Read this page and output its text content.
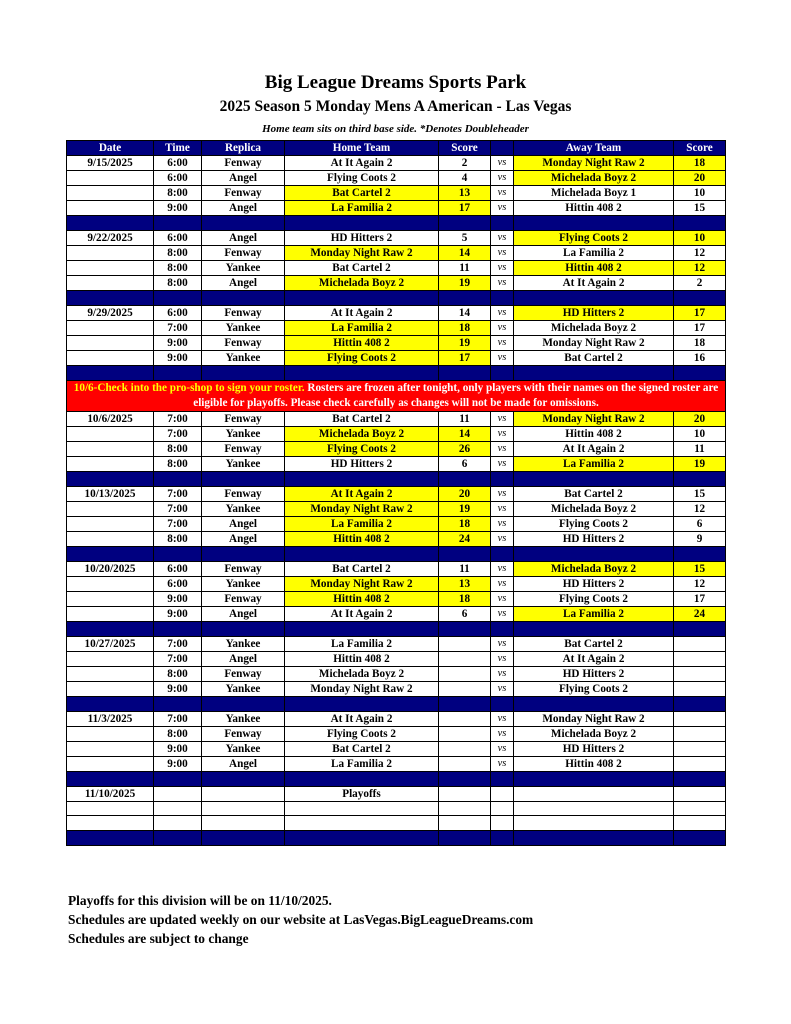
Big League Dreams Sports Park
2025 Season 5 Monday Mens A American - Las Vegas
Home team sits on third base side. *Denotes Doubleheader
Date	Time	Replica	Home Team	Score		Away Team	Score
9/15/2025	6:00	Fenway	At It Again 2	2	vs	Monday Night Raw 2	18
	6:00	Angel	Flying Coots 2	4	vs	Michelada Boyz 2	20
	8:00	Fenway	Bat Cartel 2	13	vs	Michelada Boyz 1	10
	9:00	Angel	La Familia 2	17	vs	Hittin 408 2	15

9/22/2025	6:00	Angel	HD Hitters 2	5	vs	Flying Coots 2	10
	8:00	Fenway	Monday Night Raw 2	14	vs	La Familia 2	12
	8:00	Yankee	Bat Cartel 2	11	vs	Hittin 408 2	12
	8:00	Angel	Michelada Boyz 2	19	vs	At It Again 2	2

9/29/2025	6:00	Fenway	At It Again 2	14	vs	HD Hitters 2	17
	7:00	Yankee	La Familia 2	18	vs	Michelada Boyz 2	17
	9:00	Fenway	Hittin 408 2	19	vs	Monday Night Raw 2	18
	9:00	Yankee	Flying Coots 2	17	vs	Bat Cartel 2	16

10/6-Check into the pro-shop to sign your roster. Rosters are frozen after tonight, only players with their names on the signed roster are eligible for playoffs. Please check carefully as changes will not be made for omissions.							
10/6/2025	7:00	Fenway	Bat Cartel 2	11	vs	Monday Night Raw 2	20
	7:00	Yankee	Michelada Boyz 2	14	vs	Hittin 408 2	10
	8:00	Fenway	Flying Coots 2	26	vs	At It Again 2	11
	8:00	Yankee	HD Hitters 2	6	vs	La Familia 2	19

10/13/2025	7:00	Fenway	At It Again 2	20	vs	Bat Cartel 2	15
	7:00	Yankee	Monday Night Raw 2	19	vs	Michelada Boyz 2	12
	7:00	Angel	La Familia 2	18	vs	Flying Coots 2	6
	8:00	Angel	Hittin 408 2	24	vs	HD Hitters 2	9

10/20/2025	6:00	Fenway	Bat Cartel 2	11	vs	Michelada Boyz 2	15
	6:00	Yankee	Monday Night Raw 2	13	vs	HD Hitters 2	12
	9:00	Fenway	Hittin 408 2	18	vs	Flying Coots 2	17
	9:00	Angel	At It Again 2	6	vs	La Familia 2	24

10/27/2025	7:00	Yankee	La Familia 2		vs	Bat Cartel 2	
	7:00	Angel	Hittin 408 2		vs	At It Again 2	
	8:00	Fenway	Michelada Boyz 2		vs	HD Hitters 2	
	9:00	Yankee	Monday Night Raw 2		vs	Flying Coots 2	

11/3/2025	7:00	Yankee	At It Again 2		vs	Monday Night Raw 2	
	8:00	Fenway	Flying Coots 2		vs	Michelada Boyz 2	
	9:00	Yankee	Bat Cartel 2		vs	HD Hitters 2	
	9:00	Angel	La Familia 2		vs	Hittin 408 2	

11/10/2025			Playoffs				

Playoffs for this division will be on 11/10/2025.
Schedules are updated weekly on our website at LasVegas.BigLeagueDreams.com
Schedules are subject to change
